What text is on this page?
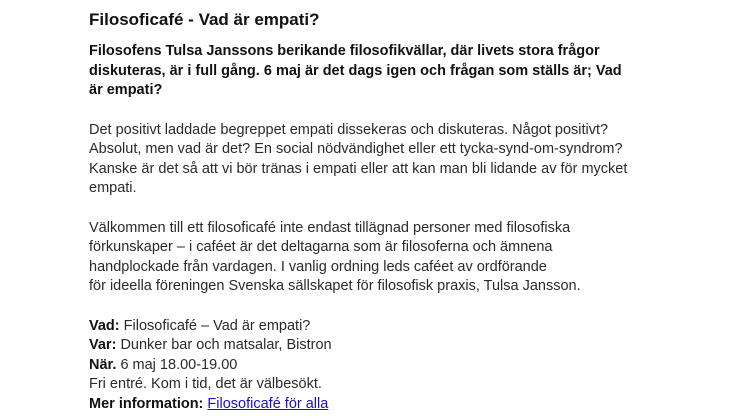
Filosoficafé - Vad är empati?

Filosofens Tulsa Janssons berikande filosofikvällar, där livets stora frågor
diskuteras, är i full gång. 6 maj är det dags igen och frågan som ställs är; Vad
är empati?

Det positivt laddade begreppet empati dissekeras och diskuteras. Något positivt?
Absolut, men vad är det? En social nödvändighet eller ett tycka-synd-om-syndrom?
Kanske är det så att vi bör tränas i empati eller att kan man bli lidande av för mycket
empati.

Välkommen till ett filosoficafé inte endast tillägnad personer med filosofiska
förkunskaper – i caféet är det deltagarna som är filosoferna och ämnena
handplockade från vardagen. I vanlig ordning leds caféet av ordförande
för ideella föreningen Svenska sällskapet för filosofisk praxis, Tulsa Jansson.

Vad: Filosoficafé – Vad är empati?
Var: Dunker bar och matsalar, Bistron
När. 6 maj 18.00-19.00
Fri entré. Kom i tid, det är välbesökt.
Mer information: Filosoficafé för alla
